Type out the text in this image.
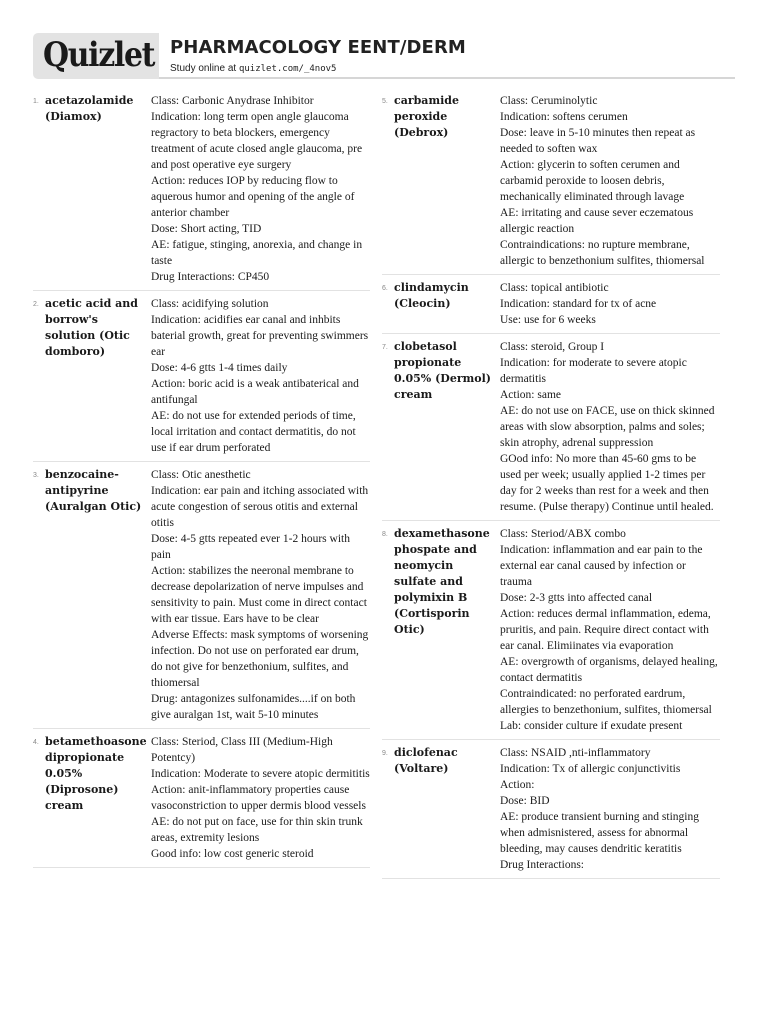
Quizlet PHARMACOLOGY EENT/DERM
Study online at quizlet.com/_4nov5
1. acetazolamide (Diamox)
Class: Carbonic Anydrase Inhibitor
Indication: long term open angle glaucoma regractory to beta blockers, emergency treatment of acute closed angle glaucoma, pre and post operative eye surgery
Action: reduces IOP by reducing flow to aquerous humor and opening of the angle of anterior chamber
Dose: Short acting, TID
AE: fatigue, stinging, anorexia, and change in taste
Drug Interactions: CP450
2. acetic acid and borrow's solution (Otic domboro)
Class: acidifying solution
Indication: acidifies ear canal and inhbits baterial growth, great for preventing swimmers ear
Dose: 4-6 gtts 1-4 times daily
Action: boric acid is a weak antibaterical and antifungal
AE: do not use for extended periods of time, local irritation and contact dermatitis, do not use if ear drum perforated
3. benzocaine-antipyrine (Auralgan Otic)
Class: Otic anesthetic
Indication: ear pain and itching associated with acute congestion of serous otitis and external otitis
Dose: 4-5 gtts repeated ever 1-2 hours with pain
Action: stabilizes the neeronal membrane to decrease depolarization of nerve impulses and sensitivity to pain. Must come in direct contact with ear tissue. Ears have to be clear
Adverse Effects: mask symptoms of worsening infection. Do not use on perforated ear drum, do not give for benzethonium, sulfites, and thiomersal
Drug: antagonizes sulfonamides....if on both give auralgan 1st, wait 5-10 minutes
4. betamethoasone dipropionate 0.05% (Diprosone) cream
Class: Steriod, Class III (Medium-High Potentcy)
Indication: Moderate to severe atopic dermititis
Action: anit-inflammatory properties cause vasoconstriction to upper dermis blood vessels
AE: do not put on face, use for thin skin trunk areas, extremity lesions
Good info: low cost generic steroid
5. carbamide peroxide (Debrox)
Class: Ceruminolytic
Indication: softens cerumen
Dose: leave in 5-10 minutes then repeat as needed to soften wax
Action: glycerin to soften cerumen and carbamid peroxide to loosen debris, mechanically eliminated through lavage
AE: irritating and cause sever eczematous allergic reaction
Contraindications: no rupture membrane, allergic to benzethonium sulfites, thiomersal
6. clindamycin (Cleocin)
Class: topical antibiotic
Indication: standard for tx of acne
Use: use for 6 weeks
7. clobetasol propionate 0.05% (Dermol) cream
Class: steroid, Group I
Indication: for moderate to severe atopic dermatitis
Action: same
AE: do not use on FACE, use on thick skinned areas with slow absorption, palms and soles; skin atrophy, adrenal suppression
GOod info: No more than 45-60 gms to be used per week; usually applied 1-2 times per day for 2 weeks than rest for a week and then resume. (Pulse therapy) Continue until healed.
8. dexamethasone phospate and neomycin sulfate and polymixin B (Cortisporin Otic)
Class: Steriod/ABX combo
Indication: inflammation and ear pain to the external ear canal caused by infection or trauma
Dose: 2-3 gtts into affected canal
Action: reduces dermal inflammation, edema, pruritis, and pain. Require direct contact with ear canal. Elimiinates via evaporation
AE: overgrowth of organisms, delayed healing, contact dermatitis
Contraindicated: no perforated eardrum, allergies to benzethonium, sulfites, thiomersal
Lab: consider culture if exudate present
9. diclofenac (Voltare)
Class: NSAID ,nti-inflammatory
Indication: Tx of allergic conjunctivitis
Action:
Dose: BID
AE: produce transient burning and stinging when admisnistered, assess for abnormal bleeding, may causes dendritic keratitis
Drug Interactions:
